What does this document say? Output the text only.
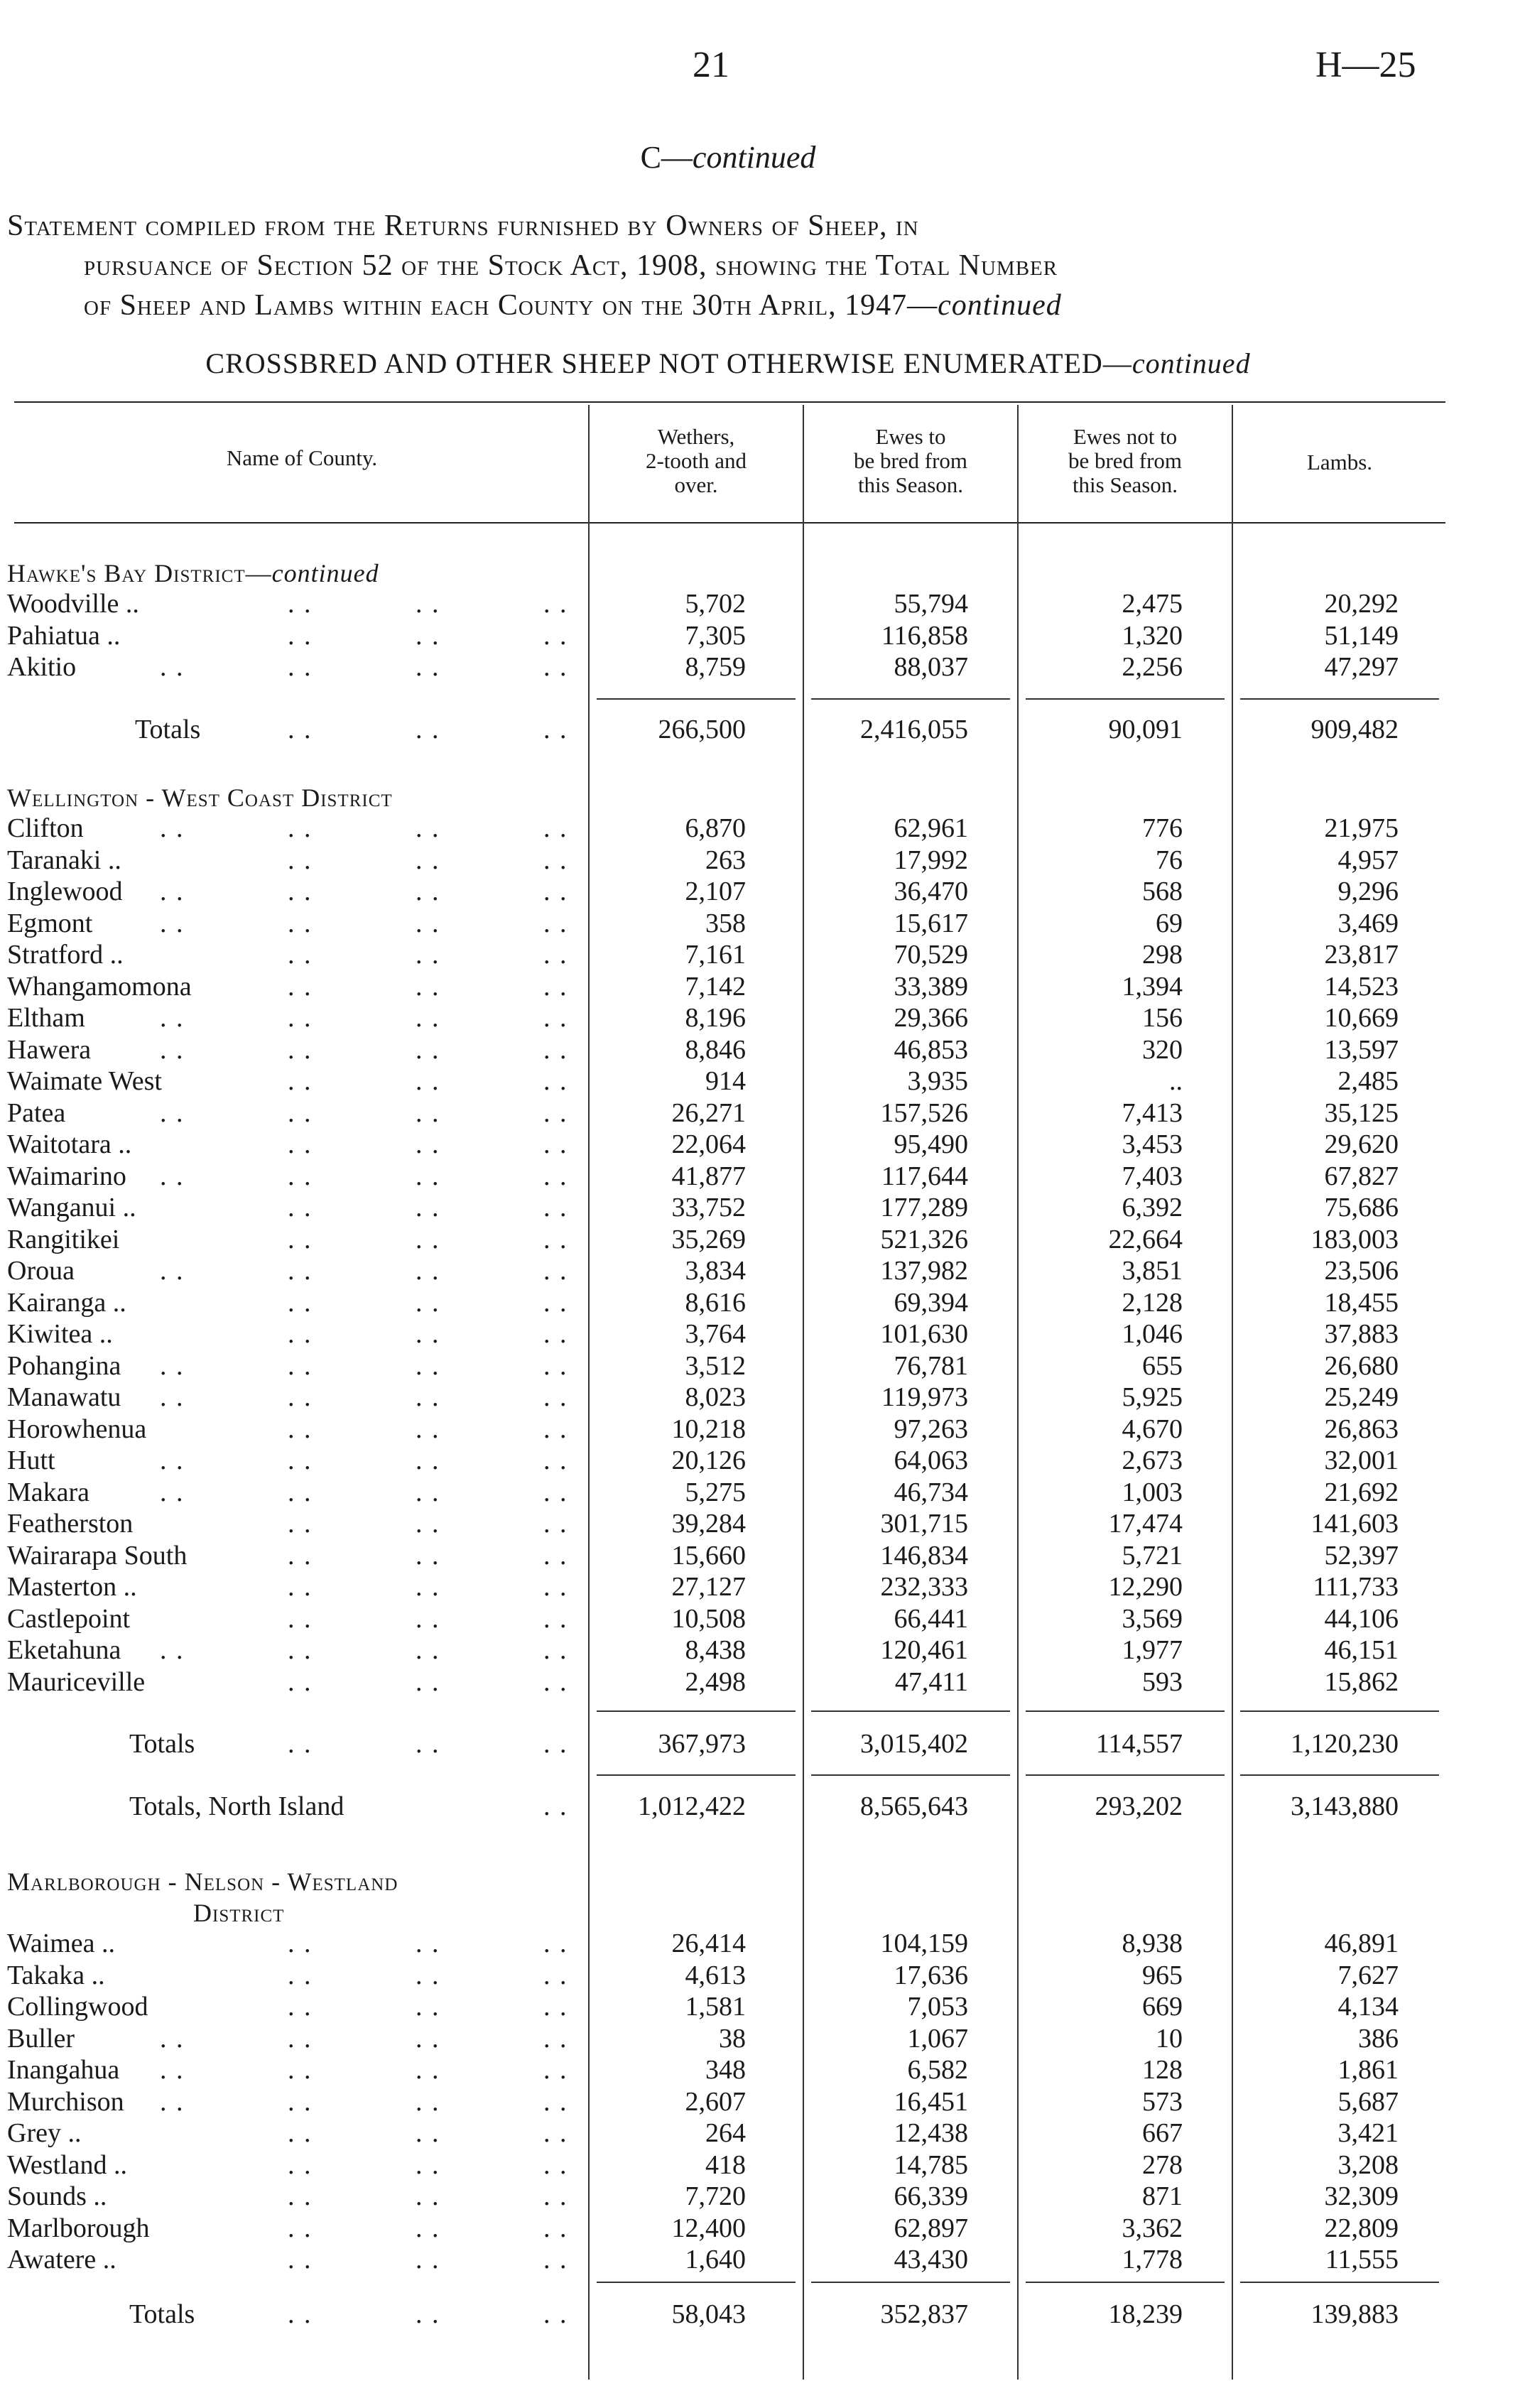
21	H—25
C—continued
Statement compiled from the Returns furnished by Owners of Sheep, in
pursuance of Section 52 of the Stock Act, 1908, showing the Total Number
of Sheep and Lambs within each County on the 30th April, 1947—continued
CROSSBRED AND OTHER SHEEP NOT OTHERWISE ENUMERATED—continued
Name of County.
Wethers,
2-tooth and
over.
Ewes to
be bred from
this Season.
Ewes not to
be bred from
this Season.
Lambs.
Hawke's Bay District—continued
Woodville ..	. .	. .	. .	5,702	55,794	2,475	20,292
Pahiatua ..	. .	. .	. .	7,305	116,858	1,320	51,149
Akitio	. .	. .	. .	. .	8,759	88,037	2,256	47,297
Totals	. .	. .	. .	266,500	2,416,055	90,091	909,482
Wellington - West Coast District
Clifton	. .	. .	. .	. .	6,870	62,961	776	21,975
Taranaki ..	. .	. .	. .	263	17,992	76	4,957
Inglewood . .	. .	. .	. .	2,107	36,470	568	9,296
Egmont . .	. .	. .	. .	358	15,617	69	3,469
Stratford ..	. .	. .	. .	7,161	70,529	298	23,817
Whangamomona	. .	. .	. .	7,142	33,389	1,394	14,523
Eltham	. .	. .	. .	. .	8,196	29,366	156	10,669
Hawera	. .	. .	. .	. .	8,846	46,853	320	13,597
Waimate West	. .	. .	. .	914	3,935	..	2,485
Patea	. .	. .	. .	. .	26,271	157,526	7,413	35,125
Waitotara ..	. .	. .	. .	22,064	95,490	3,453	29,620
Waimarino . .	. .	. .	. .	41,877	117,644	7,403	67,827
Wanganui ..	. .	. .	. .	33,752	177,289	6,392	75,686
Rangitikei	. .	. .	. .	35,269	521,326	22,664	183,003
Oroua	. .	. .	. .	. .	3,834	137,982	3,851	23,506
Kairanga ..	. .	. .	. .	8,616	69,394	2,128	18,455
Kiwitea ..	. .	. .	. .	3,764	101,630	1,046	37,883
Pohangina . .	. .	. .	. .	3,512	76,781	655	26,680
Manawatu . .	. .	. .	. .	8,023	119,973	5,925	25,249
Horowhenua	. .	. .	. .	10,218	97,263	4,670	26,863
Hutt	. .	. .	. .	. .	20,126	64,063	2,673	32,001
Makara	. .	. .	. .	. .	5,275	46,734	1,003	21,692
Featherston	. .	. .	. .	39,284	301,715	17,474	141,603
Wairarapa South	. .	. .	. .	15,660	146,834	5,721	52,397
Masterton ..	. .	. .	. .	27,127	232,333	12,290	111,733
Castlepoint	. .	. .	. .	10,508	66,441	3,569	44,106
Eketahuna . .	. .	. .	. .	8,438	120,461	1,977	46,151
Mauriceville	. .	. .	. .	2,498	47,411	593	15,862
Totals	. .	. .	. .	367,973	3,015,402	114,557	1,120,230
Totals, North Island	. .	1,012,422	8,565,643	293,202	3,143,880
Marlborough - Nelson - Westland
District
Waimea ..	. .	. .	. .	26,414	104,159	8,938	46,891
Takaka ..	. .	. .	. .	4,613	17,636	965	7,627
Collingwood	. .	. .	. .	1,581	7,053	669	4,134
Buller	. .	. .	. .	. .	38	1,067	10	386
Inangahua . .	. .	. .	. .	348	6,582	128	1,861
Murchison . .	. .	. .	. .	2,607	16,451	573	5,687
Grey ..	. .	. .	. .	264	12,438	667	3,421
Westland ..	. .	. .	. .	418	14,785	278	3,208
Sounds ..	. .	. .	. .	7,720	66,339	871	32,309
Marlborough	. .	. .	. .	12,400	62,897	3,362	22,809
Awatere ..	. .	. .	. .	1,640	43,430	1,778	11,555
Totals	. .	. .	. .	58,043	352,837	18,239	139,883
